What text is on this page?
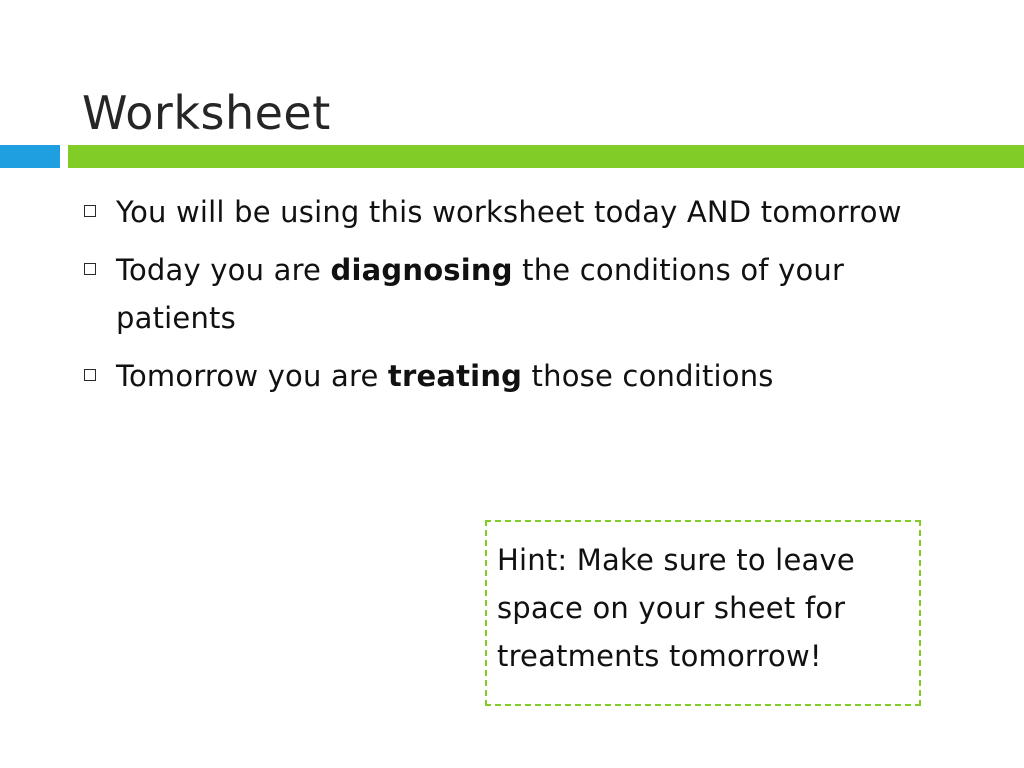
Worksheet
You will be using this worksheet today AND tomorrow
Today you are diagnosing the conditions of your patients
Tomorrow you are treating those conditions
Hint: Make sure to leave space on your sheet for treatments tomorrow!
